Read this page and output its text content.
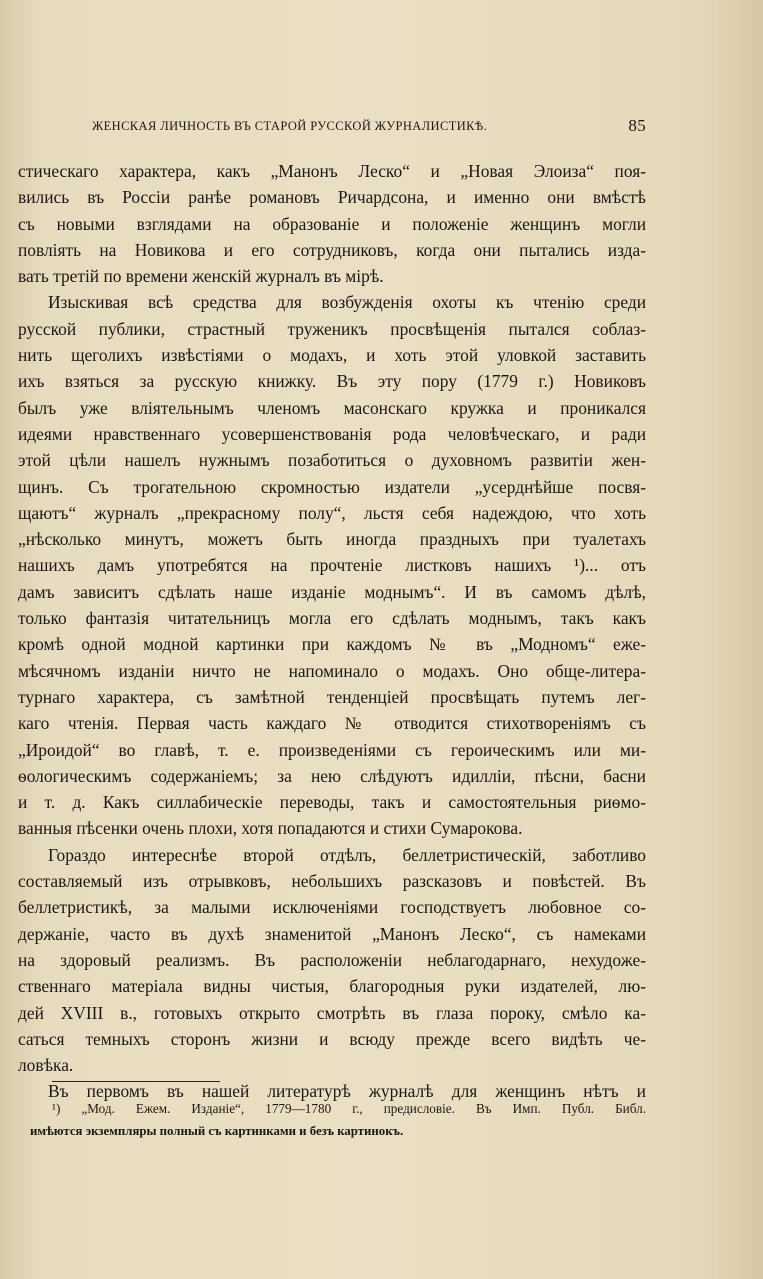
ЖЕНСКАЯ ЛИЧНОСТЬ ВЪ СТАРОЙ РУССКОЙ ЖУРНАЛИСТИКѢ.	85
стическаго характера, какъ „Манонъ Леско“ и „Новая Элоиза“ поя-
вились въ Россiи ранѣе романовъ Ричардсона, и именно они вмѣстѣ
съ новыми взглядами на образованiе и положенiе женщинъ могли
повлiять на Новикова и его сотрудниковъ, когда они пытались изда-
вать третiй по времени женскiй журналъ въ мiрѣ.
Изыскивая всѣ средства для возбужденiя охоты къ чтенiю среди
русской публики, страстный труженикъ просвѣщенiя пытался соблаз-
нить щеголихъ извѣстiями о модахъ, и хоть этой уловкой заставить
ихъ взяться за русскую книжку. Въ эту пору (1779 г.) Новиковъ
былъ уже влiятельнымъ членомъ масонскаго кружка и проникался
идеями нравственнаго усовершенствованiя рода человѣческаго, и ради
этой цѣли нашелъ нужнымъ позаботиться о духовномъ развитiи жен-
щинъ. Съ трогательною скромностью издатели „усерднѣйше посвя-
щаютъ“ журналъ „прекрасному полу“, льстя себя надеждою, что хоть
„нѣсколько минутъ, можетъ быть иногда праздныхъ при туалетахъ
нашихъ дамъ употребятся на прочтенiе листковъ нашихъ ¹)... отъ
дамъ зависитъ сдѣлать наше изданiе моднымъ“. И въ самомъ дѣлѣ,
только фантазiя читательницъ могла его сдѣлать моднымъ, такъ какъ
кромѣ одной модной картинки при каждомъ № въ „Модномъ“ еже-
мѣсячномъ изданiи ничто не напоминало о модахъ. Оно обще-литера-
турнаго характера, съ замѣтной тенденцiей просвѣщать путемъ лег-
каго чтенiя. Первая часть каждаго № отводится стихотворенiямъ съ
„Ироидой“ во главѣ, т. е. произведенiями съ героическимъ или ми-
ѳологическимъ содержанiемъ; за нею слѣдуютъ идиллiи, пѣсни, басни
и т. д. Какъ силлабическiе переводы, такъ и самостоятельныя риѳмо-
ванныя пѣсенки очень плохи, хотя попадаются и стихи Сумарокова.
Гораздо интереснѣе второй отдѣлъ, беллетристическiй, заботливо
составляемый изъ отрывковъ, небольшихъ разсказовъ и повѣстей. Въ
беллетристикѣ, за малыми исключенiями господствуетъ любовное со-
держанiе, часто въ духѣ знаменитой „Манонъ Леско“, съ намеками
на здоровый реализмъ. Въ расположенiи неблагодарнаго, нехудоже-
ственнаго матерiала видны чистыя, благородныя руки издателей, лю-
дей XVIII в., готовыхъ открыто смотрѣть въ глаза пороку, смѣло ка-
саться темныхъ сторонъ жизни и всюду прежде всего видѣть че-
ловѣка.
Въ первомъ въ нашей литературѣ журналѣ для женщинъ нѣтъ и
¹) „Мод. Ежем. Изданiе“, 1779—1780 г., предисловiе. Въ Имп. Публ. Библ.
имѣются экземпляры полный съ картинками и безъ картинокъ.
